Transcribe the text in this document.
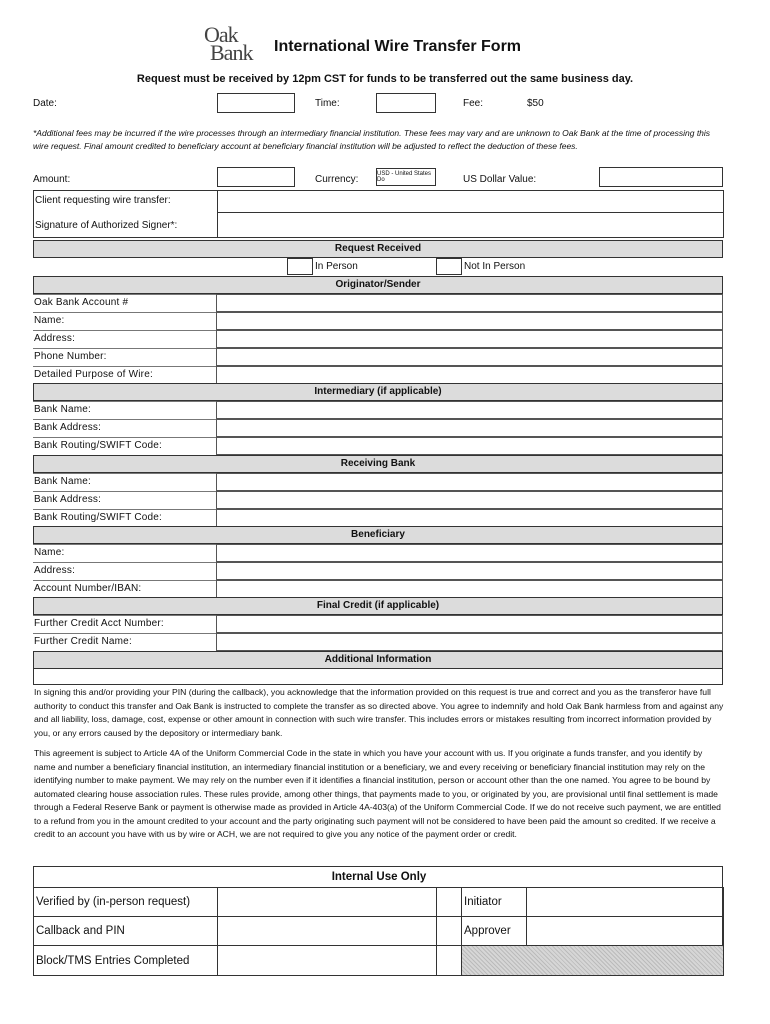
Oak
Bank	International Wire Transfer Form
Request must be received by 12pm CST for funds to be transferred out the same business day.
Date:	Time:	Fee:	$50
*Additional fees may be incurred if the wire processes through an intermediary financial institution. These fees may vary and are unknown to Oak Bank at the time of processing this wire request. Final amount credited to beneficiary account at beneficiary financial institution will be adjusted to reflect the deduction of these fees.
Amount:	Currency:	USD - United States Do	US Dollar Value:
Client requesting wire transfer:
Signature of Authorized Signer*:
Request Received
In Person	Not In Person
Originator/Sender
Oak Bank Account #
Name:
Address:
Phone Number:
Detailed Purpose of Wire:
Intermediary (if applicable)
Bank Name:
Bank Address:
Bank Routing/SWIFT Code:
Receiving Bank
Bank Name:
Bank Address:
Bank Routing/SWIFT Code:
Beneficiary
Name:
Address:
Account Number/IBAN:
Final Credit (if applicable)
Further Credit Acct Number:
Further Credit Name:
Additional Information
In signing this and/or providing your PIN (during the callback), you acknowledge that the information provided on this request is true and correct and you as the transferor have full authority to conduct this transfer and Oak Bank is instructed to complete the transfer as so directed above. You agree to indemnify and hold Oak Bank harmless from and against any and all liability, loss, damage, cost, expense or other amount in connection with such wire transfer. This includes errors or mistakes resulting from incorrect information provided by you, or any errors caused by the depository or intermediary bank.
This agreement is subject to Article 4A of the Uniform Commercial Code in the state in which you have your account with us. If you originate a funds transfer, and you identify by name and number a beneficiary financial institution, an intermediary financial institution or a beneficiary, we and every receiving or beneficiary financial institution may rely on the identifying number to make payment. We may rely on the number even if it identifies a financial institution, person or account other than the one named. You agree to be bound by automated clearing house association rules. These rules provide, among other things, that payments made to you, or originated by you, are provisional until final settlement is made through a Federal Reserve Bank or payment is otherwise made as provided in Article 4A-403(a) of the Uniform Commercial Code. If we do not receive such payment, we are entitled to a refund from you in the amount credited to your account and the party originating such payment will not be considered to have been paid the amount so credited. If we receive a credit to an account you have with us by wire or ACH, we are not required to give you any notice of the payment order or credit.
Internal Use Only
Verified by (in-person request)	Initiator
Callback and PIN	Approver
Block/TMS Entries Completed
